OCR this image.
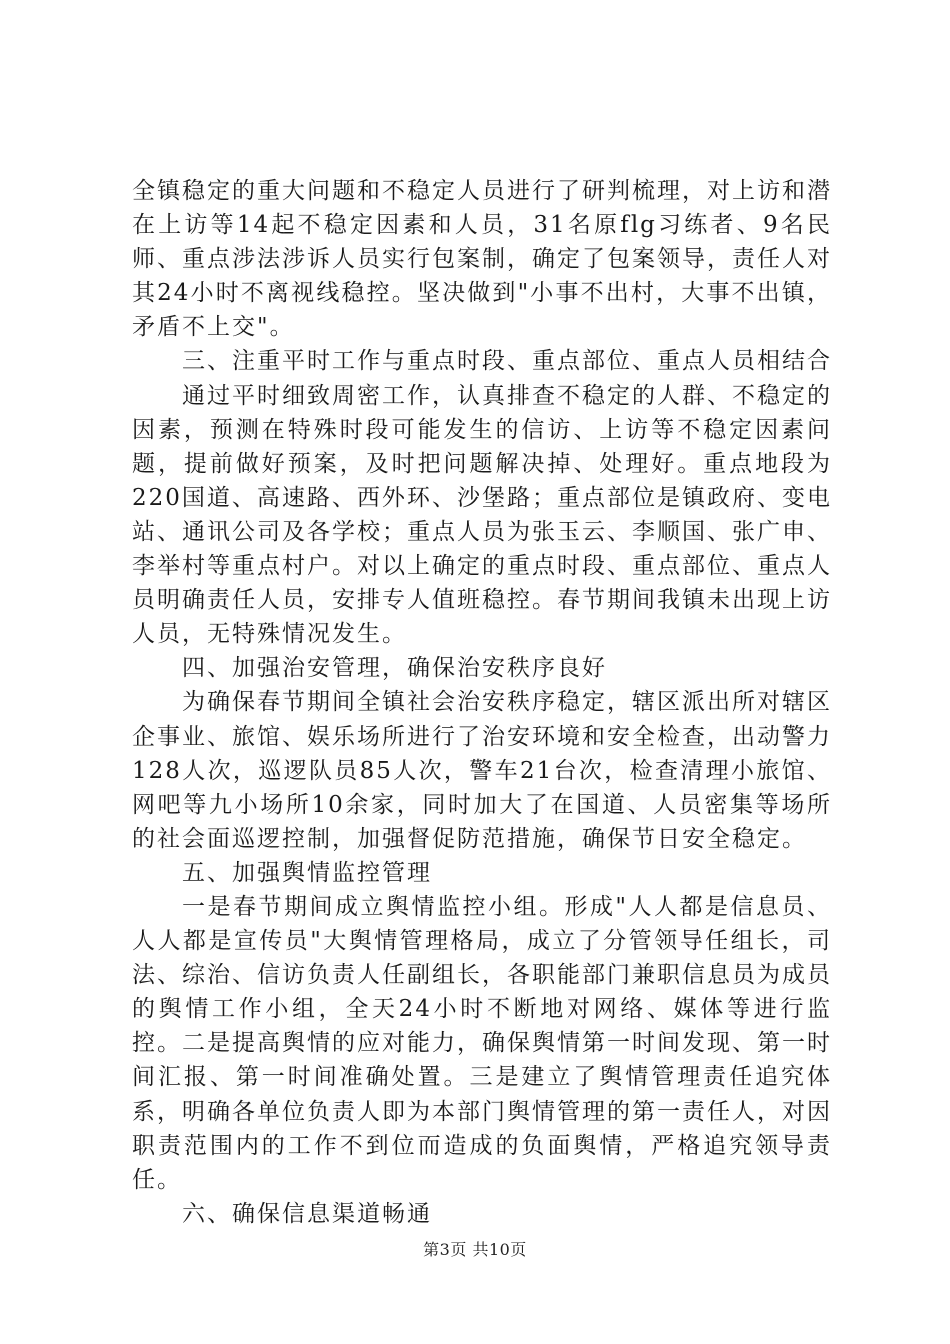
全镇稳定的重大问题和不稳定人员进行了研判梳理，对上访和潜在上访等14起不稳定因素和人员，31名原flg习练者、9名民师、重点涉法涉诉人员实行包案制，确定了包案领导，责任人对其24小时不离视线稳控。坚决做到"小事不出村，大事不出镇，矛盾不上交"。

三、注重平时工作与重点时段、重点部位、重点人员相结合

通过平时细致周密工作，认真排查不稳定的人群、不稳定的因素，预测在特殊时段可能发生的信访、上访等不稳定因素问题，提前做好预案，及时把问题解决掉、处理好。重点地段为220国道、高速路、西外环、沙堡路；重点部位是镇政府、变电站、通讯公司及各学校；重点人员为张玉云、李顺国、张广申、李举村等重点村户。对以上确定的重点时段、重点部位、重点人员明确责任人员，安排专人值班稳控。春节期间我镇未出现上访人员，无特殊情况发生。

四、加强治安管理，确保治安秩序良好

为确保春节期间全镇社会治安秩序稳定，辖区派出所对辖区企事业、旅馆、娱乐场所进行了治安环境和安全检查，出动警力128人次，巡逻队员85人次，警车21台次，检查清理小旅馆、网吧等九小场所10余家，同时加大了在国道、人员密集等场所的社会面巡逻控制，加强督促防范措施，确保节日安全稳定。

五、加强舆情监控管理

一是春节期间成立舆情监控小组。形成"人人都是信息员、人人都是宣传员"大舆情管理格局，成立了分管领导任组长，司法、综治、信访负责人任副组长，各职能部门兼职信息员为成员的舆情工作小组，全天24小时不断地对网络、媒体等进行监控。二是提高舆情的应对能力，确保舆情第一时间发现、第一时间汇报、第一时间准确处置。三是建立了舆情管理责任追究体系，明确各单位负责人即为本部门舆情管理的第一责任人，对因职责范围内的工作不到位而造成的负面舆情，严格追究领导责任。

六、确保信息渠道畅通

第3页 共10页
